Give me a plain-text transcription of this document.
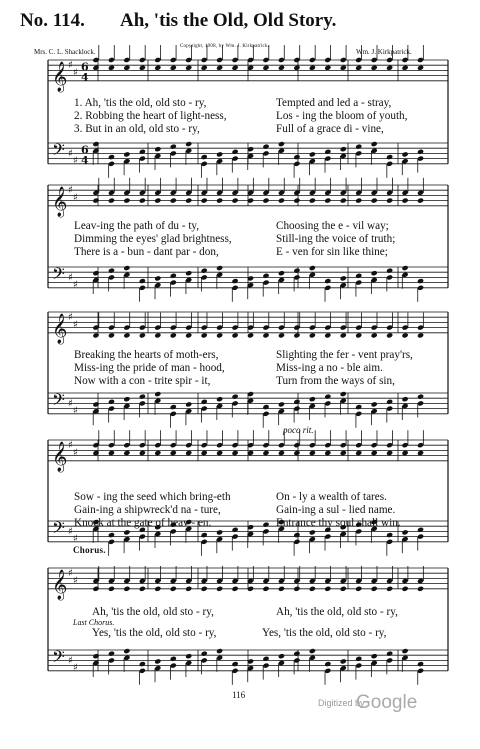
𝄞
𝄢
♯
♯
♯
♯
6
4
6
4
𝄞
𝄢
♯
♯
♯
♯
𝄞
𝄢
♯
♯
♯
♯
𝄞
𝄢
♯
♯
♯
♯
𝄞
𝄢
♯
♯
♯
♯
No. 114. Ah, 'tis the Old, Old Story.
Mrs. C. L. Shacklock.
Copyright, 1908, by Wm. J. Kirkpatrick.
Wm. J. Kirkpatrick.
1. Ah, 'tis the old, old sto - ry,	Tempted and led a - stray,
2. Robbing the heart of light-ness,	Los - ing the bloom of youth,
3. But in an old, old sto - ry,	Full of a grace di - vine,
Leav-ing the path of du - ty,	Choosing the e - vil way;
Dimming the eyes' glad brightness,	Still-ing the voice of truth;
There is a - bun - dant par - don,	E - ven for sin like thine;
Breaking the hearts of moth-ers,	Slighting the fer - vent pray'rs,
Miss-ing the pride of man - hood,	Miss-ing a no - ble aim.
Now with a con - trite spir - it,	Turn from the ways of sin,
poco rit.
Sow - ing the seed which bring-eth	On - ly a wealth of tares.
Gain-ing a shipwreck'd na - ture,	Gain-ing a sul - lied name.
Knock at the gate of heav - en.	Entrance thy soul shall win.
Chorus.
Ah, 'tis the old, old sto - ry,	Ah, 'tis the old, old sto - ry,
Last Chorus.
Yes, 'tis the old, old sto - ry,	Yes, 'tis the old, old sto - ry,
116
Digitized by
Google
